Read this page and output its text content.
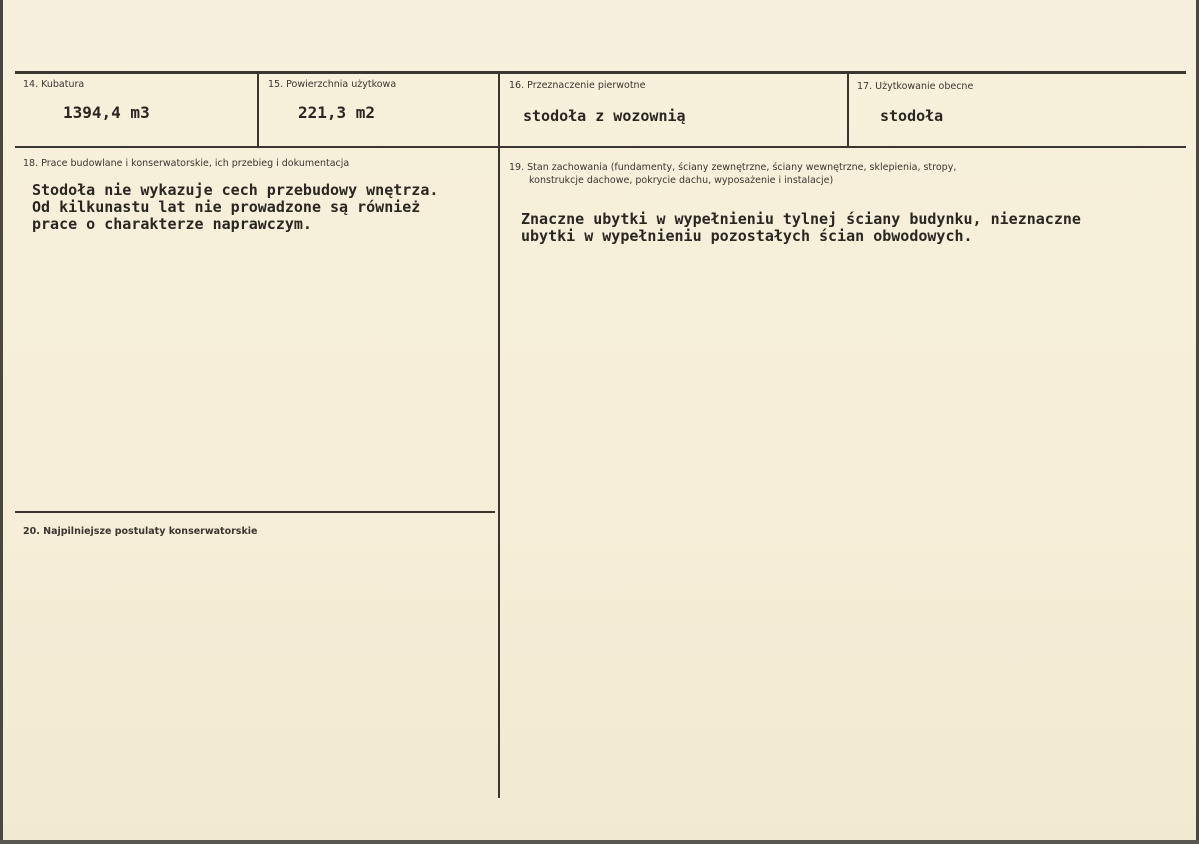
14. Kubatura
1394,4 m3
15. Powierzchnia użytkowa
221,3 m2
16. Przeznaczenie pierwotne
stodoła z wozownią
17. Użytkowanie obecne
stodoła
18. Prace budowlane i konserwatorskie, ich przebieg i dokumentacja
Stodoła nie wykazuje cech przebudowy wnętrza.
Od kilkunastu lat nie prowadzone są również
prace o charakterze naprawczym.
19. Stan zachowania (fundamenty, ściany zewnętrzne, ściany wewnętrzne, sklepienia, stropy,
konstrukcje dachowe, pokrycie dachu, wyposażenie i instalacje)
Znaczne ubytki w wypełnieniu tylnej ściany budynku, nieznaczne
ubytki w wypełnieniu pozostałych ścian obwodowych.
20. Najpilniejsze postulaty konserwatorskie
